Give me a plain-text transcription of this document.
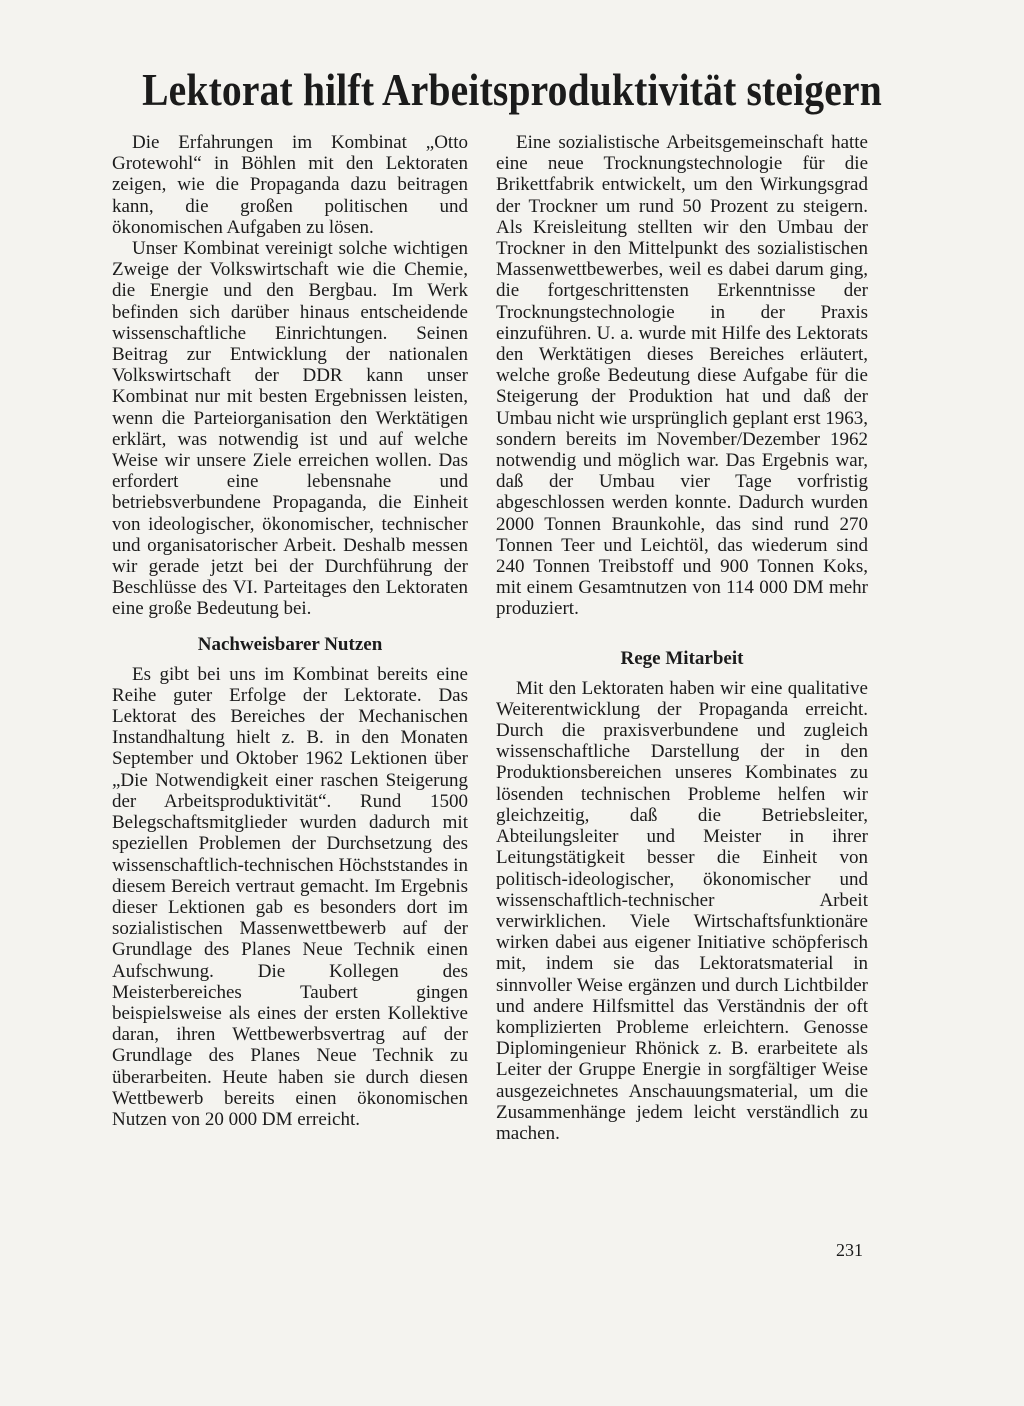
Lektorat hilft Arbeitsproduktivität steigern

Die Erfahrungen im Kombinat „Otto Grotewohl“ in Böhlen mit den Lektoraten zeigen, wie die Propaganda dazu beitragen kann, die großen politischen und ökonomischen Aufgaben zu lösen.

Unser Kombinat vereinigt solche wichtigen Zweige der Volkswirtschaft wie die Chemie, die Energie und den Bergbau. Im Werk befinden sich darüber hinaus entscheidende wissenschaftliche Einrichtungen. Seinen Beitrag zur Entwicklung der nationalen Volkswirtschaft der DDR kann unser Kombinat nur mit besten Ergebnissen leisten, wenn die Parteiorganisation den Werktätigen erklärt, was notwendig ist und auf welche Weise wir unsere Ziele erreichen wollen. Das erfordert eine lebensnahe und betriebsverbundene Propaganda, die Einheit von ideologischer, ökonomischer, technischer und organisatorischer Arbeit. Deshalb messen wir gerade jetzt bei der Durchführung der Beschlüsse des VI. Parteitages den Lektoraten eine große Bedeutung bei.

Nachweisbarer Nutzen

Es gibt bei uns im Kombinat bereits eine Reihe guter Erfolge der Lektorate. Das Lektorat des Bereiches der Mechanischen Instandhaltung hielt z. B. in den Monaten September und Oktober 1962 Lektionen über „Die Notwendigkeit einer raschen Steigerung der Arbeitsproduktivität“. Rund 1500 Belegschaftsmitglieder wurden dadurch mit speziellen Problemen der Durchsetzung des wissenschaftlich-technischen Höchststandes in diesem Bereich vertraut gemacht. Im Ergebnis dieser Lektionen gab es besonders dort im sozialistischen Massenwettbewerb auf der Grundlage des Planes Neue Technik einen Aufschwung. Die Kollegen des Meisterbereiches Taubert gingen beispielsweise als eines der ersten Kollektive daran, ihren Wettbewerbsvertrag auf der Grundlage des Planes Neue Technik zu überarbeiten. Heute haben sie durch diesen Wettbewerb bereits einen ökonomischen Nutzen von 20 000 DM erreicht.

Eine sozialistische Arbeitsgemeinschaft hatte eine neue Trocknungstechnologie für die Brikettfabrik entwickelt, um den Wirkungsgrad der Trockner um rund 50 Prozent zu steigern. Als Kreisleitung stellten wir den Umbau der Trockner in den Mittelpunkt des sozialistischen Massenwettbewerbes, weil es dabei darum ging, die fortgeschrittensten Erkenntnisse der Trocknungstechnologie in der Praxis einzuführen. U. a. wurde mit Hilfe des Lektorats den Werktätigen dieses Bereiches erläutert, welche große Bedeutung diese Aufgabe für die Steigerung der Produktion hat und daß der Umbau nicht wie ursprünglich geplant erst 1963, sondern bereits im November/Dezember 1962 notwendig und möglich war. Das Ergebnis war, daß der Umbau vier Tage vorfristig abgeschlossen werden konnte. Dadurch wurden 2000 Tonnen Braunkohle, das sind rund 270 Tonnen Teer und Leichtöl, das wiederum sind 240 Tonnen Treibstoff und 900 Tonnen Koks, mit einem Gesamtnutzen von 114 000 DM mehr produziert.

Rege Mitarbeit

Mit den Lektoraten haben wir eine qualitative Weiterentwicklung der Propaganda erreicht. Durch die praxisverbundene und zugleich wissenschaftliche Darstellung der in den Produktionsbereichen unseres Kombinates zu lösenden technischen Probleme helfen wir gleichzeitig, daß die Betriebsleiter, Abteilungsleiter und Meister in ihrer Leitungstätigkeit besser die Einheit von politisch-ideologischer, ökonomischer und wissenschaftlich-technischer Arbeit verwirklichen. Viele Wirtschaftsfunktionäre wirken dabei aus eigener Initiative schöpferisch mit, indem sie das Lektoratsmaterial in sinnvoller Weise ergänzen und durch Lichtbilder und andere Hilfsmittel das Verständnis der oft komplizierten Probleme erleichtern. Genosse Diplomingenieur Rhönick z. B. erarbeitete als Leiter der Gruppe Energie in sorgfältiger Weise ausgezeichnetes Anschauungsmaterial, um die Zusammenhänge jedem leicht verständlich zu machen.

231
